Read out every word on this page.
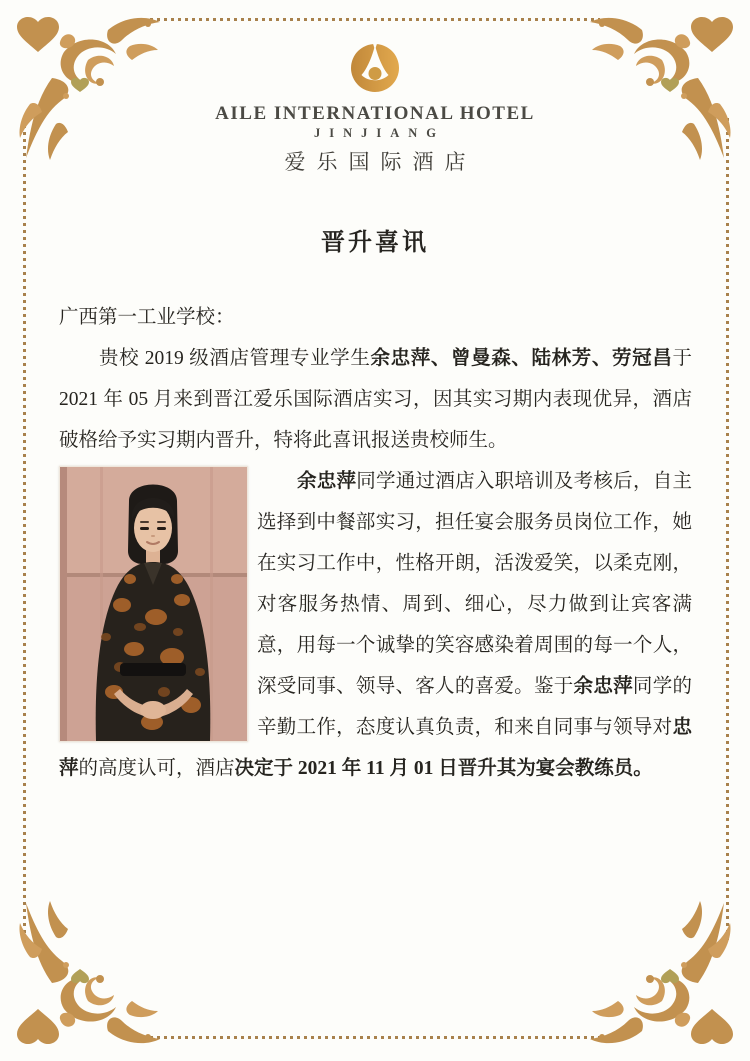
AILE INTERNATIONAL HOTEL
JINJIANG
爱乐国际酒店
晋升喜讯

广西第一工业学校：

贵校 2019 级酒店管理专业学生余忠萍、曾曼森、陆林芳、劳冠昌于 2021 年 05 月来到晋江爱乐国际酒店实习，因其实习期内表现优异，酒店破格给予实习期内晋升，特将此喜讯报送贵校师生。

余忠萍同学通过酒店入职培训及考核后，自主选择到中餐部实习，担任宴会服务员岗位工作，她在实习工作中，性格开朗，活泼爱笑，以柔克刚，对客服务热情、周到、细心，尽力做到让宾客满意，用每一个诚挚的笑容感染着周围的每一个人，深受同事、领导、客人的喜爱。鉴于余忠萍同学的辛勤工作，态度认真负责，和来自同事与领导对忠萍的高度认可，酒店决定于 2021 年 11 月 01 日晋升其为宴会教练员。
